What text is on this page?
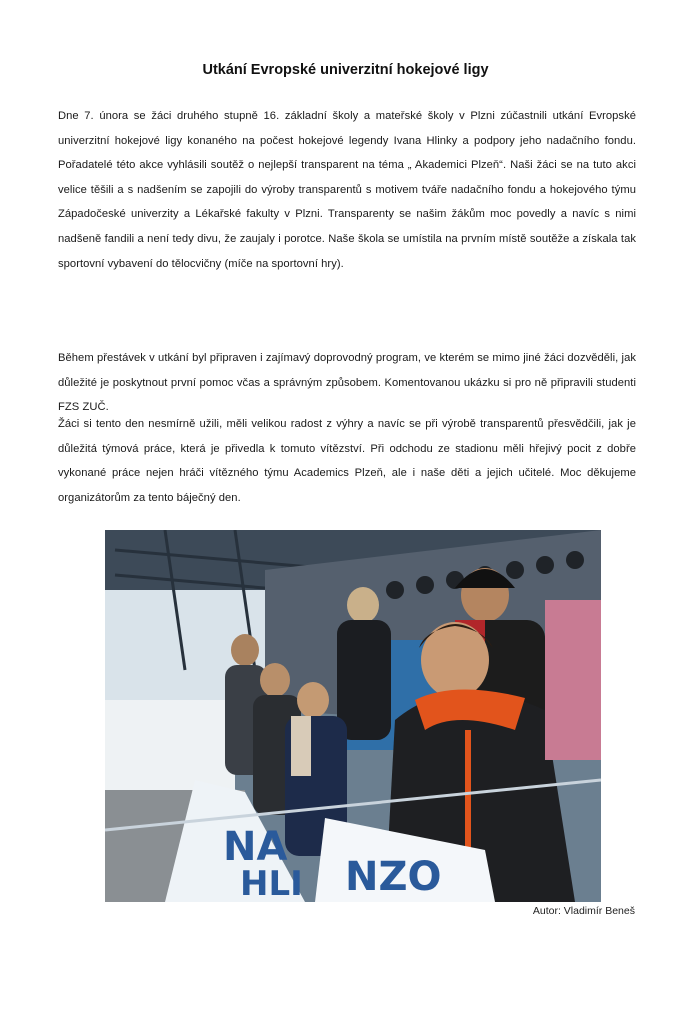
Utkání Evropské univerzitní hokejové ligy

Dne 7. února se žáci druhého stupně 16. základní školy a mateřské školy v Plzni zúčastnili utkání Evropské univerzitní hokejové ligy konaného na počest hokejové legendy Ivana Hlinky a podpory jeho nadačního fondu. Pořadatelé této akce vyhlásili soutěž o nejlepší transparent na téma „ Akademici Plzeň“. Naši žáci se na tuto akci velice těšili a s nadšením se zapojili do výroby transparentů s motivem tváře nadačního fondu a hokejového týmu Západočeské univerzity a Lékařské fakulty v Plzni. Transparenty se našim žákům moc povedly a navíc s nimi nadšeně fandili a není tedy divu, že zaujaly i porotce. Naše škola se umístila na prvním místě soutěže a získala tak sportovní vybavení do tělocvičny (míče na sportovní hry).

Během přestávek v utkání byl připraven i zajímavý doprovodný program, ve kterém se mimo jiné žáci dozvěděli, jak důležité je poskytnout první pomoc včas a správným způsobem. Komentovanou ukázku si pro ně připravili studenti FZS ZUČ.

Žáci si tento den nesmírně užili, měli velikou radost z výhry a navíc se při výrobě transparentů přesvědčili, jak je důležitá týmová práce, která je přivedla k tomuto vítězství. Při odchodu ze stadionu měli hřejivý pocit z dobře vykonané práce nejen hráči vítězného týmu Academics Plzeň, ale i naše děti a jejich učitelé. Moc děkujeme organizátorům za tento báječný den.

NA
HLI NZO
Autor: Vladimír Beneš
